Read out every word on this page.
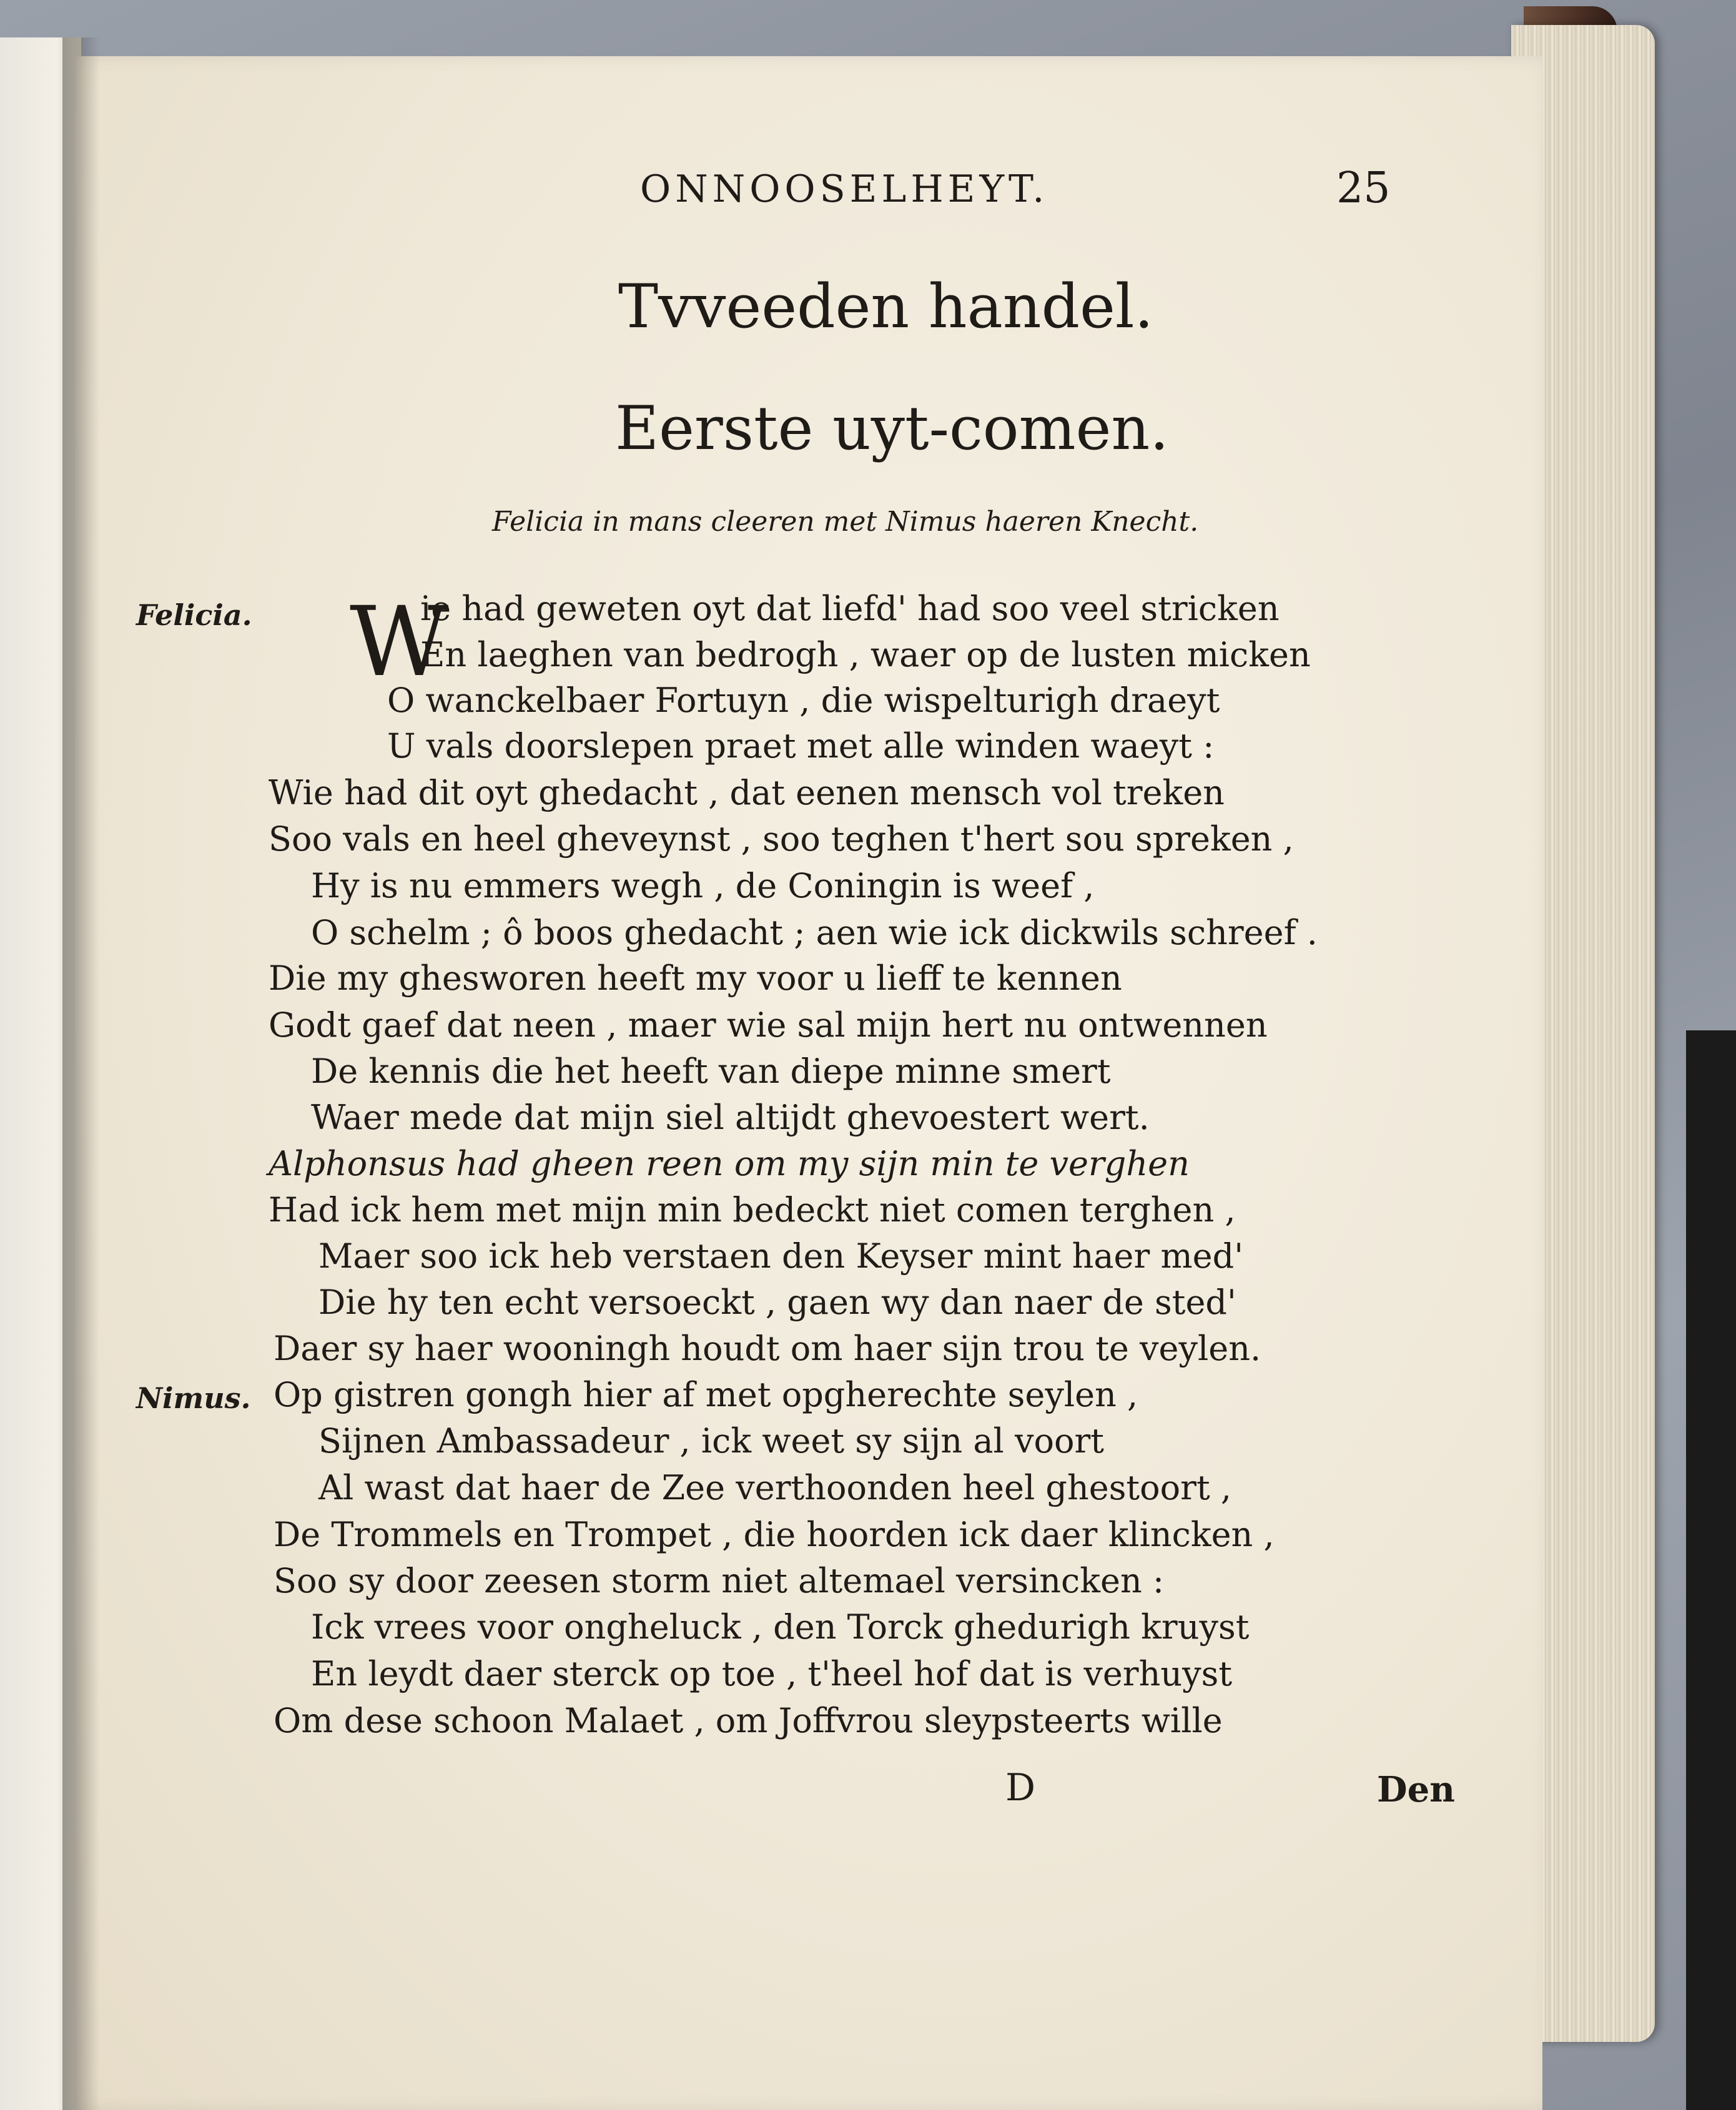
ONNOOSELHEYT.	25
Tvveeden handel.
Eerste uyt-comen.
Felicia in mans cleeren met Nimus haeren Knecht.
Felicia. W
ie had geweten oyt dat liefd' had soo veel stricken
En laeghen van bedrogh , waer op de lusten micken
O wanckelbaer Fortuyn , die wispelturigh draeyt
U vals doorslepen praet met alle winden waeyt :
Wie had dit oyt ghedacht , dat eenen mensch vol treken
Soo vals en heel gheveynst , soo teghen t'hert sou spreken ,
Hy is nu emmers wegh , de Coningin is weef ,
O schelm ; ô boos ghedacht ; aen wie ick dickwils schreef .
Die my ghesworen heeft my voor u lieff te kennen
Godt gaef dat neen , maer wie sal mijn hert nu ontwennen
De kennis die het heeft van diepe minne smert
Waer mede dat mijn siel altijdt ghevoestert wert.
Alphonsus had gheen reen om my sijn min te verghen
Had ick hem met mijn min bedeckt niet comen terghen ,
Maer soo ick heb verstaen den Keyser mint haer med'
Die hy ten echt versoeckt , gaen wy dan naer de sted'
Daer sy haer wooningh houdt om haer sijn trou te veylen.
Nimus. Op gistren gongh hier af met opgherechte seylen ,
Sijnen Ambassadeur , ick weet sy sijn al voort
Al wast dat haer de Zee verthoonden heel ghestoort ,
De Trommels en Trompet , die hoorden ick daer klincken ,
Soo sy door zeesen storm niet altemael versincken :
Ick vrees voor ongheluck , den Torck ghedurigh kruyst
En leydt daer sterck op toe , t'heel hof dat is verhuyst
Om dese schoon Malaet , om Joffvrou sleypsteerts wille
D	Den
